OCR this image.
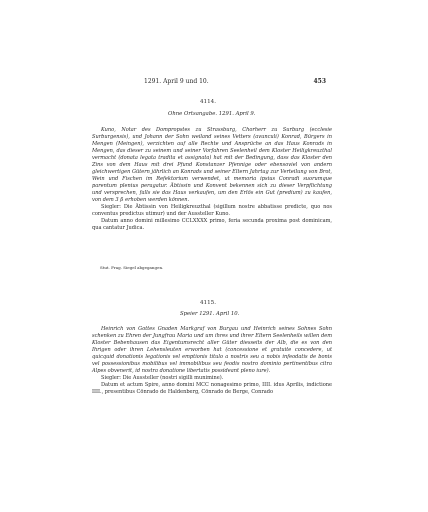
1291. April 9 und 10.	453
4114.
Ohne Ortsangabe. 1291. April 9.

Kuno, Notar des Dompropstes zu Strassburg, Chorherr zu Surburg (ecclesie Surburgensis), und Johann der Sohn weiland seines Vetters (avunculi) Konrad, Bürgers in Mengen (Meingen), verzichten auf alle Rechte und Ansprüche an das Haus Konrads in Mengen, das dieser zu seinem und seiner Vorfahren Seelenheil dem Kloster Heiligkreuzthal vermacht (donata legata tradita et assignata) hat mit der Bedingung, dass das Kloster den Zins von dem Haus mit drei Pfund Konstanzer Pfennige oder ebensoviel von andern gleichwertigen Gütern jährlich an Konrads und seiner Eltern Jahrtag zur Verteilung von Brot, Wein und Fischen im Refektorium verwendet, ut memoria ipsius Conradi suorumque parentum plenius peragatur. Äbtissin und Konvent bekennen sich zu dieser Verpflichtung und versprechen, falls sie das Haus verkaufen, um den Erlös ein Gut (predium) zu kaufen, von dem 3 ß erhoben werden können.

Siegler: Die Äbtissin von Heiligkreuzthal (sigillum nostre abbatisse predicte, quo nos conventus predictus utimur) und der Aussteller Kuno.

Datum anno domini millesimo CCLXXXX primo, feria secunda proxima post dominicam, qua cantatur Judica.

Stut. Frag. Siegel abgegangen.
4115.
Speier 1291. April 10.

Heinrich von Gottes Gnaden Markgraf von Burgau und Heinrich seines Sohnes Sohn schenken zu Ehren der Jungfrau Maria und um ihres und ihrer Eltern Seelenheils willen dem Kloster Bebenhausen das Eigentumsrecht aller Güter diesseits der Alb, die es von den Ihrigen oder ihren Lehensleuten erworben hat (concessione et gratuite concedere, ut quicquid donationis legationis vel emptionis titulo a nostris seu a nobis infeodatis de bonis vel possessionibus mobilibus vel immobilibus seu feodis nostro dominio pertinentibus citra Alpes obvenerit, id nostra donatione libertatis possideant pleno iure).

Siegler: Die Aussteller (nostri sigilli munimine).

Datum et actum Spire, anno domini MCC nonagesimo primo, IIII. idus Aprilis, indictione IIII., presentibus Cönrado de Haldenberg, Cönrado de Berge, Conrado
